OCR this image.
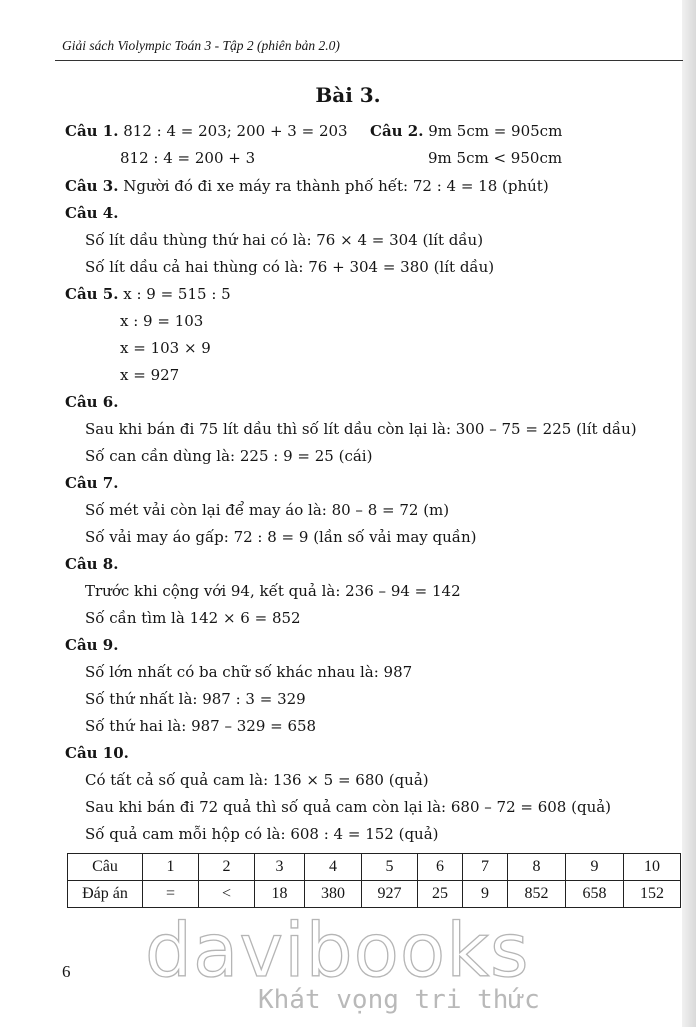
Giải sách Violympic Toán 3 - Tập 2 (phiên bản 2.0)
Bài 3.
Câu 1. 812 : 4 = 203; 200 + 3 = 203
812 : 4 = 200 + 3
Câu 2. 9m 5cm = 905cm
9m 5cm < 950cm
Câu 3. Người đó đi xe máy ra thành phố hết: 72 : 4 = 18 (phút)
Câu 4.
Số lít dầu thùng thứ hai có là: 76 × 4 = 304 (lít dầu)
Số lít dầu cả hai thùng có là: 76 + 304 = 380 (lít dầu)
Câu 5. x : 9 = 515 : 5
x : 9 = 103
x = 103 × 9
x = 927
Câu 6.
Sau khi bán đi 75 lít dầu thì số lít dầu còn lại là: 300 – 75 = 225 (lít dầu)
Số can cần dùng là: 225 : 9 = 25 (cái)
Câu 7.
Số mét vải còn lại để may áo là: 80 – 8 = 72 (m)
Số vải may áo gấp: 72 : 8 = 9 (lần số vải may quần)
Câu 8.
Trước khi cộng với 94, kết quả là: 236 – 94 = 142
Số cần tìm là 142 × 6 = 852
Câu 9.
Số lớn nhất có ba chữ số khác nhau là: 987
Số thứ nhất là: 987 : 3 = 329
Số thứ hai là: 987 – 329 = 658
Câu 10.
Có tất cả số quả cam là: 136 × 5 = 680 (quả)
Sau khi bán đi 72 quả thì số quả cam còn lại là: 680 – 72 = 608 (quả)
Số quả cam mỗi hộp có là: 608 : 4 = 152 (quả)
Câu	1	2	3	4	5	6	7	8	9	10
Đáp án	=	<	18	380	927	25	9	852	658	152
davibooks
Khát vọng tri thức
6
